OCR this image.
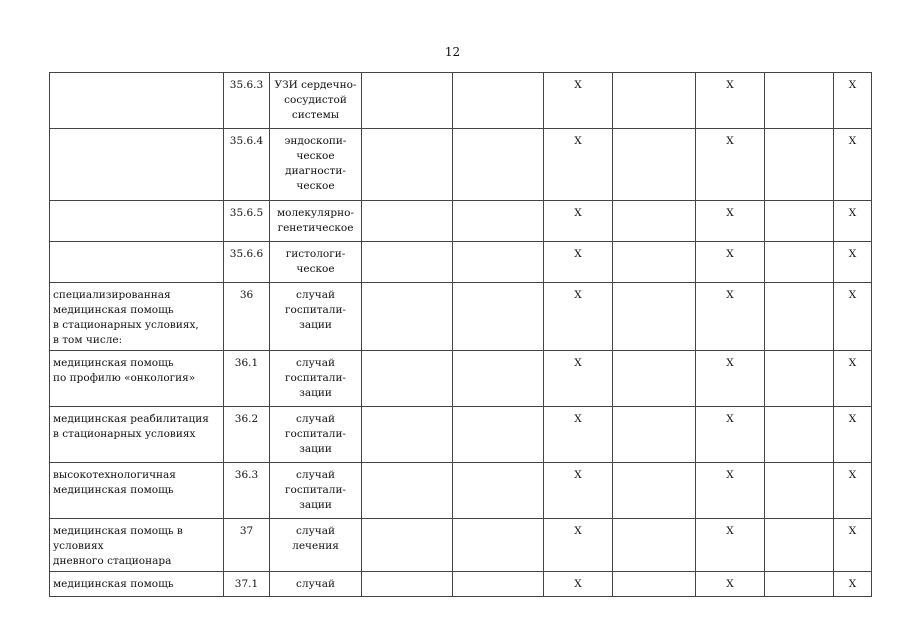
12
	35.6.3	УЗИ сердечно-
сосудистой
системы			X		X		X
	35.6.4	эндоскопи-
ческое
диагности-
ческое			X		X		X
	35.6.5	молекулярно-
генетическое			X		X		X
	35.6.6	гистологи-
ческое			X		X		X
специализированная
медицинская помощь
в стационарных условиях,
в том числе:	36	случай
госпитали-
зации			X		X		X
медицинская помощь
по профилю «онкология»	36.1	случай
госпитали-
зации			X		X		X
медицинская реабилитация
в стационарных условиях	36.2	случай
госпитали-
зации			X		X		X
высокотехнологичная
медицинская помощь	36.3	случай
госпитали-
зации			X		X		X
медицинская помощь в условиях
дневного стационара	37	случай
лечения			X		X		X
медицинская помощь	37.1	случай			X		X		X
